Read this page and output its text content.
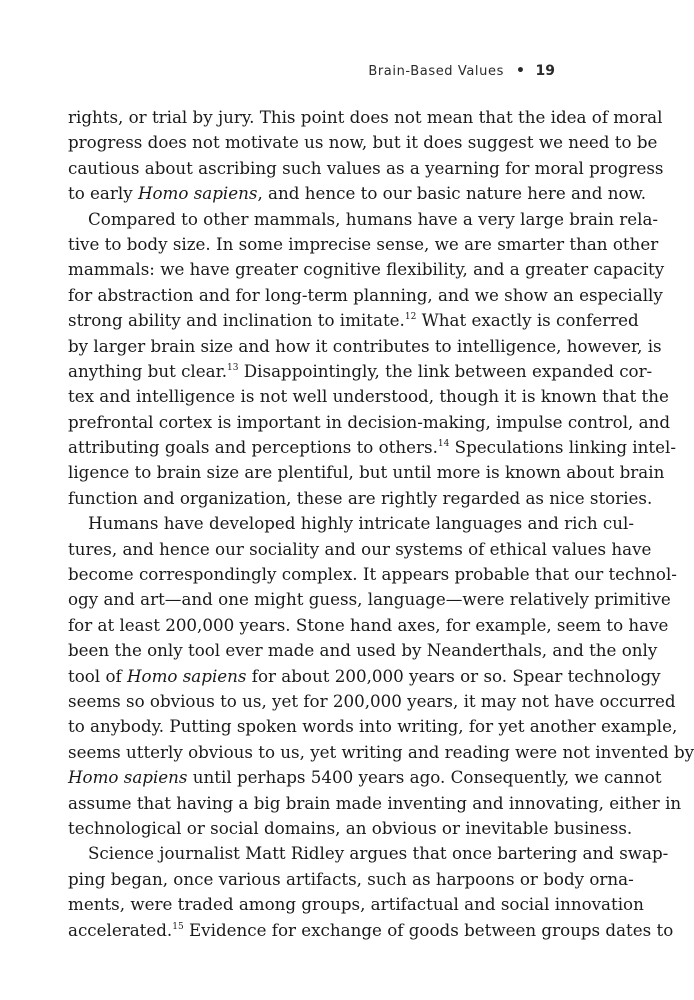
Brain-Based Values • 19
rights, or trial by jury. This point does not mean that the idea of moral
progress does not motivate us now, but it does suggest we need to be
cautious about ascribing such values as a yearning for moral progress
to early Homo sapiens, and hence to our basic nature here and now.
Compared to other mammals, humans have a very large brain rela-
tive to body size. In some imprecise sense, we are smarter than other
mammals: we have greater cognitive flexibility, and a greater capacity
for abstraction and for long-term planning, and we show an especially
strong ability and inclination to imitate.$^{12}$ What exactly is conferred
by larger brain size and how it contributes to intelligence, however, is
anything but clear.$^{13}$ Disappointingly, the link between expanded cor-
tex and intelligence is not well understood, though it is known that the
prefrontal cortex is important in decision-making, impulse control, and
attributing goals and perceptions to others.$^{14}$ Speculations linking intel-
ligence to brain size are plentiful, but until more is known about brain
function and organization, these are rightly regarded as nice stories.
Humans have developed highly intricate languages and rich cul-
tures, and hence our sociality and our systems of ethical values have
become correspondingly complex. It appears probable that our technol-
ogy and art—and one might guess, language—were relatively primitive
for at least 200,000 years. Stone hand axes, for example, seem to have
been the only tool ever made and used by Neanderthals, and the only
tool of Homo sapiens for about 200,000 years or so. Spear technology
seems so obvious to us, yet for 200,000 years, it may not have occurred
to anybody. Putting spoken words into writing, for yet another example,
seems utterly obvious to us, yet writing and reading were not invented by
Homo sapiens until perhaps 5400 years ago. Consequently, we cannot
assume that having a big brain made inventing and innovating, either in
technological or social domains, an obvious or inevitable business.
Science journalist Matt Ridley argues that once bartering and swap-
ping began, once various artifacts, such as harpoons or body orna-
ments, were traded among groups, artifactual and social innovation
accelerated.$^{15}$ Evidence for exchange of goods between groups dates to
